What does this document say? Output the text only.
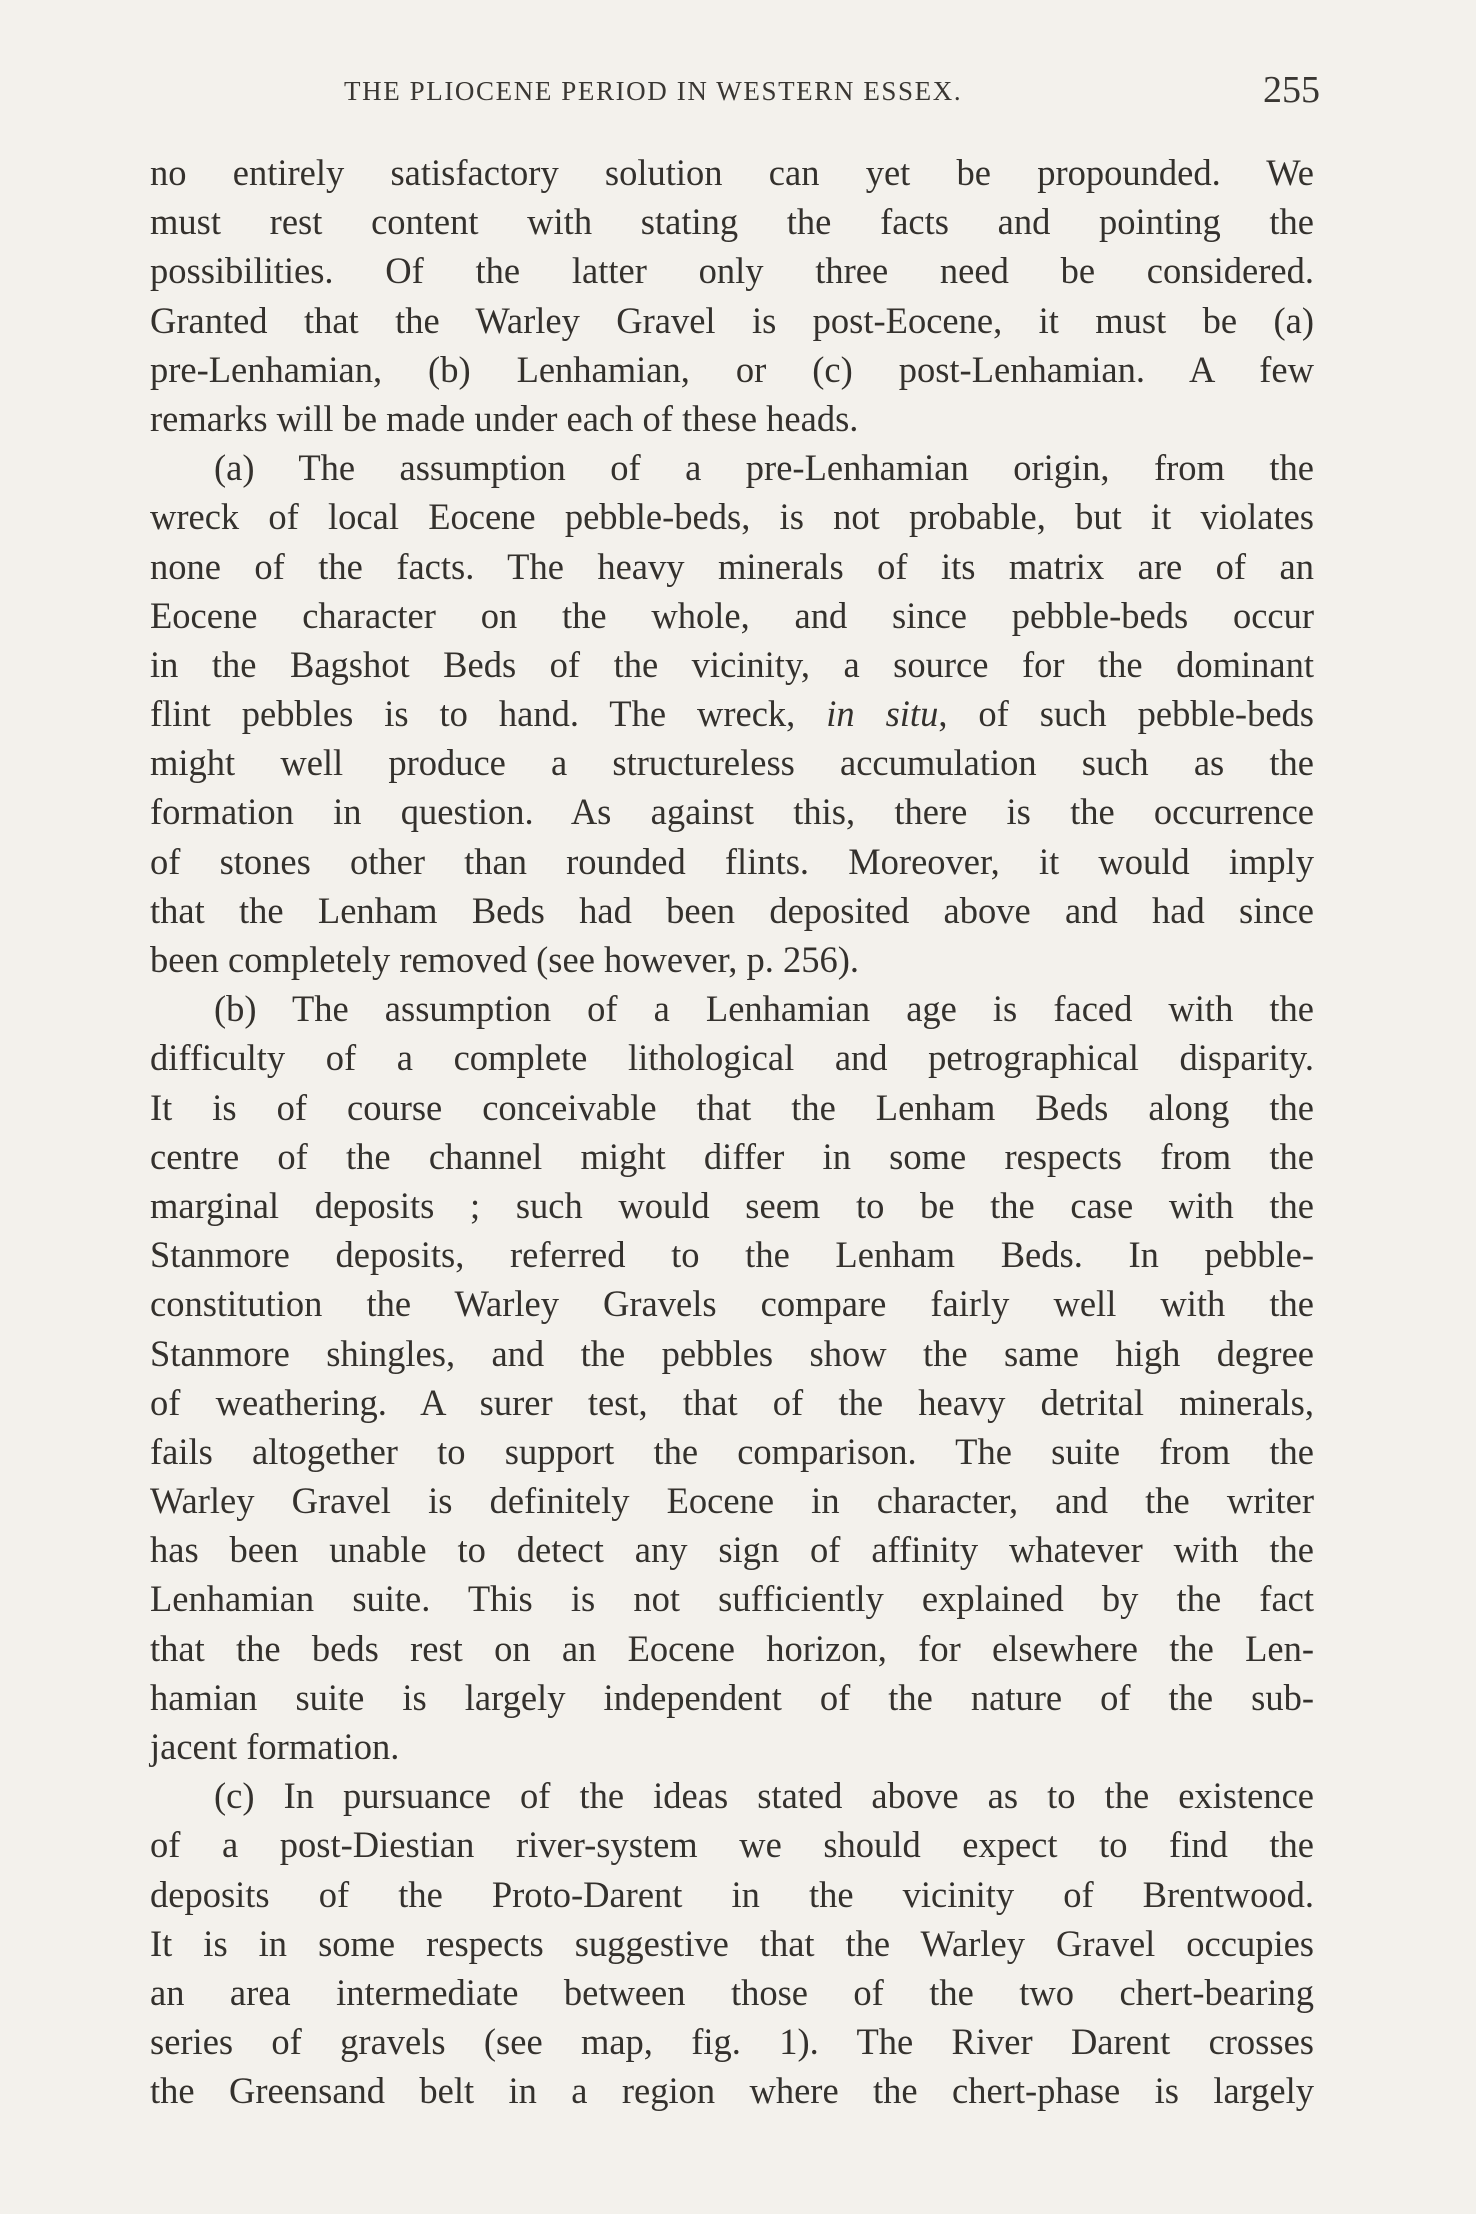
THE PLIOCENE PERIOD IN WESTERN ESSEX.	255
no entirely satisfactory solution can yet be propounded. We
must rest content with stating the facts and pointing the
possibilities. Of the latter only three need be considered.
Granted that the Warley Gravel is post-Eocene, it must be (a)
pre-Lenhamian, (b) Lenhamian, or (c) post-Lenhamian. A few
remarks will be made under each of these heads.
(a) The assumption of a pre-Lenhamian origin, from the
wreck of local Eocene pebble-beds, is not probable, but it violates
none of the facts. The heavy minerals of its matrix are of an
Eocene character on the whole, and since pebble-beds occur
in the Bagshot Beds of the vicinity, a source for the dominant
flint pebbles is to hand. The wreck, in situ, of such pebble-beds
might well produce a structureless accumulation such as the
formation in question. As against this, there is the occurrence
of stones other than rounded flints. Moreover, it would imply
that the Lenham Beds had been deposited above and had since
been completely removed (see however, p. 256).
(b) The assumption of a Lenhamian age is faced with the
difficulty of a complete lithological and petrographical disparity.
It is of course conceivable that the Lenham Beds along the
centre of the channel might differ in some respects from the
marginal deposits ; such would seem to be the case with the
Stanmore deposits, referred to the Lenham Beds. In pebble-
constitution the Warley Gravels compare fairly well with the
Stanmore shingles, and the pebbles show the same high degree
of weathering. A surer test, that of the heavy detrital minerals,
fails altogether to support the comparison. The suite from the
Warley Gravel is definitely Eocene in character, and the writer
has been unable to detect any sign of affinity whatever with the
Lenhamian suite. This is not sufficiently explained by the fact
that the beds rest on an Eocene horizon, for elsewhere the Len-
hamian suite is largely independent of the nature of the sub-
jacent formation.
(c) In pursuance of the ideas stated above as to the existence
of a post-Diestian river-system we should expect to find the
deposits of the Proto-Darent in the vicinity of Brentwood.
It is in some respects suggestive that the Warley Gravel occupies
an area intermediate between those of the two chert-bearing
series of gravels (see map, fig. 1). The River Darent crosses
the Greensand belt in a region where the chert-phase is largely
